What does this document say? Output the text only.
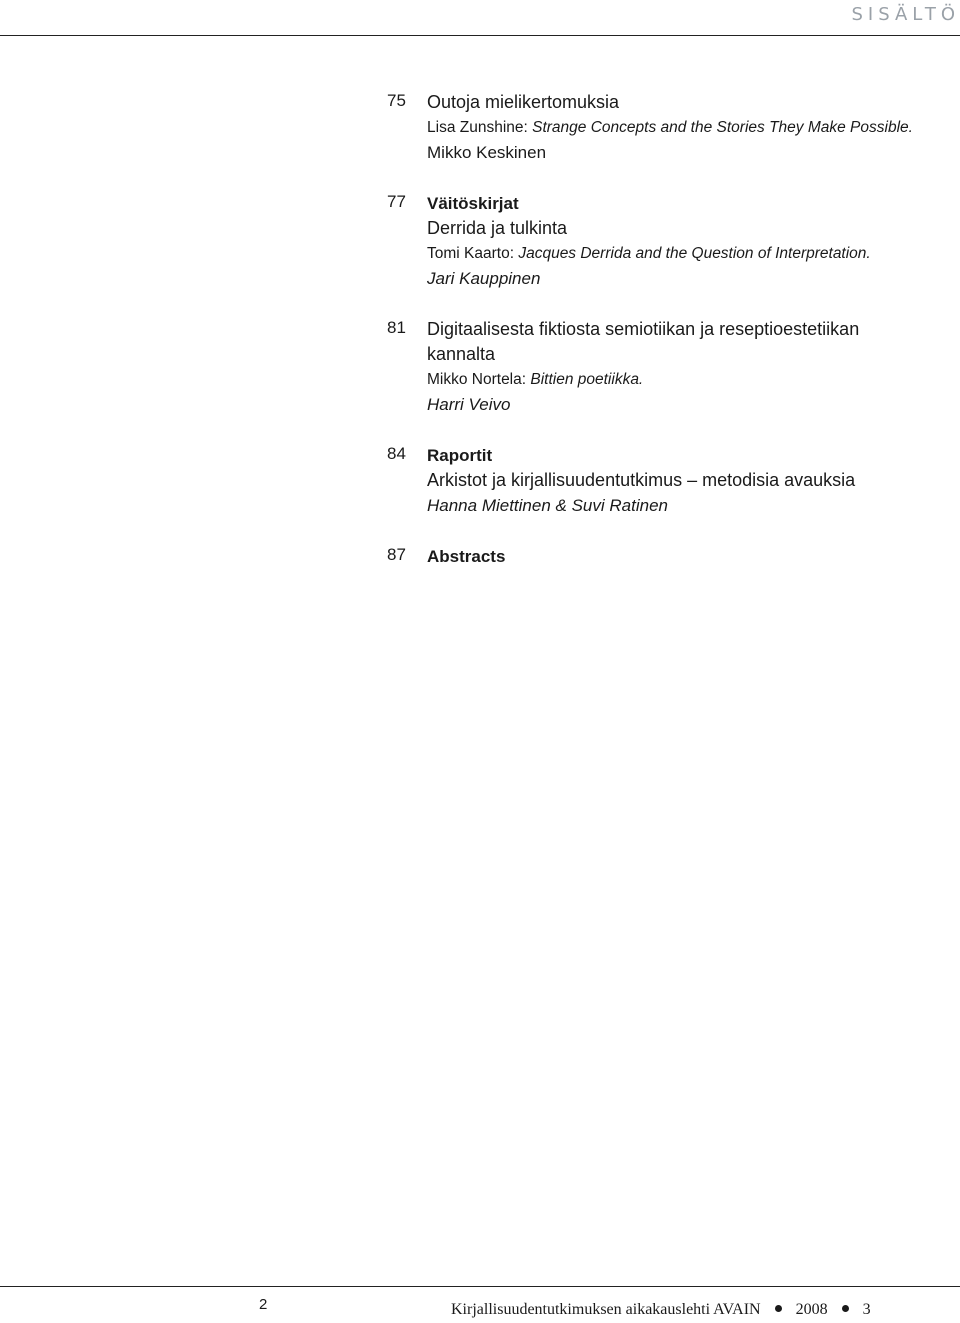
SISÄLTÖ
75 Outoja mielikertomuksia
Lisa Zunshine: Strange Concepts and the Stories They Make Possible.
Mikko Keskinen
77 Väitöskirjat
Derrida ja tulkinta
Tomi Kaarto: Jacques Derrida and the Question of Interpretation.
Jari Kauppinen
81 Digitaalisesta fiktiosta semiotiikan ja reseptioestetiikan
kannalta
Mikko Nortela: Bittien poetiikka.
Harri Veivo
84 Raportit
Arkistot ja kirjallisuudentutkimus – metodisia avauksia
Hanna Miettinen & Suvi Ratinen
87 Abstracts
2	Kirjallisuudentutkimuksen aikakauslehti AVAIN 2008 3
